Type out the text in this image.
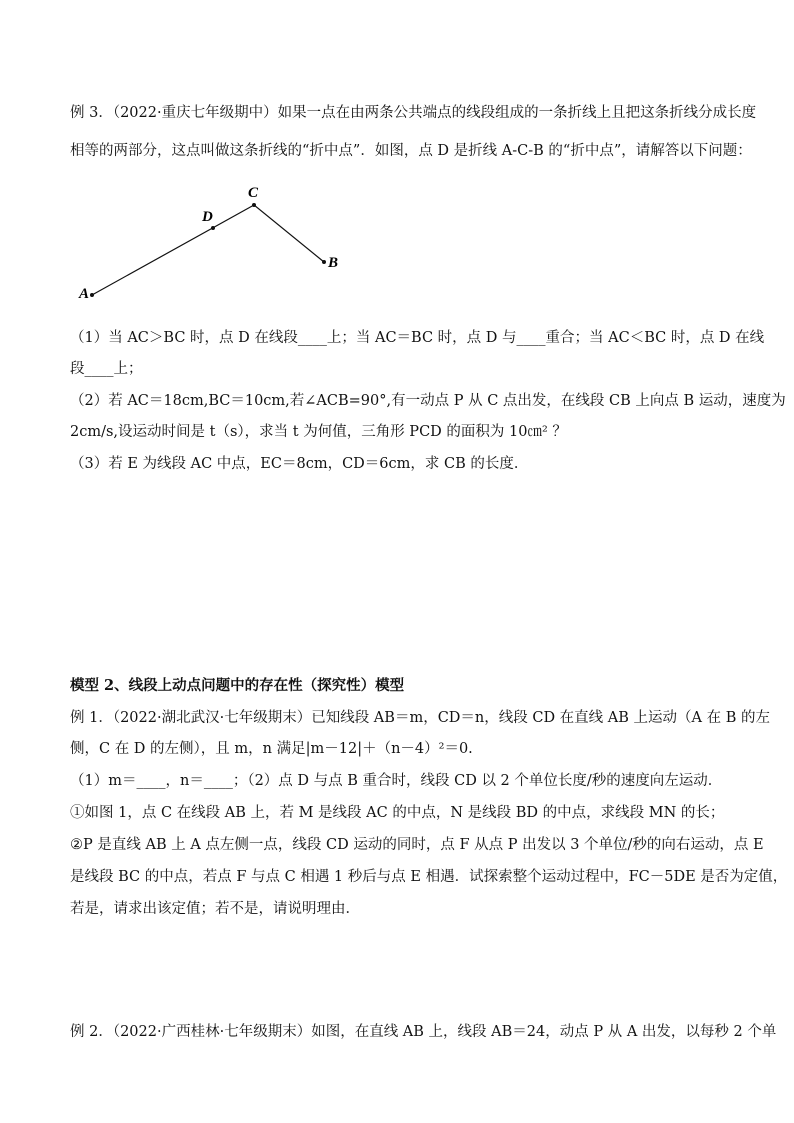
例 3．（2022·重庆七年级期中）如果一点在由两条公共端点的线段组成的一条折线上且把这条折线分成长度
相等的两部分，这点叫做这条折线的“折中点”．如图，点 D 是折线 A-C-B 的“折中点”，请解答以下问题：
A
C
B
D
（1）当 AC＞BC 时，点 D 在线段____上；当 AC＝BC 时，点 D 与____重合；当 AC＜BC 时，点 D 在线
段____上；
（2）若 AC＝18cm,BC＝10cm,若∠ACB=90°,有一动点 P 从 C 点出发，在线段 CB 上向点 B 运动，速度为
2cm/s,设运动时间是 t（s），求当 t 为何值，三角形 PCD 的面积为 10㎝² ？
（3）若 E 为线段 AC 中点，EC＝8cm，CD＝6cm，求 CB 的长度．
模型 2、线段上动点问题中的存在性（探究性）模型
例 1．（2022·湖北武汉·七年级期末）已知线段 AB＝m，CD＝n，线段 CD 在直线 AB 上运动（A 在 B 的左
侧，C 在 D 的左侧），且 m，n 满足|m－12|＋（n－4）²＝0.
（1）m＝____，n＝____；（2）点 D 与点 B 重合时，线段 CD 以 2 个单位长度/秒的速度向左运动．
①如图 1，点 C 在线段 AB 上，若 M 是线段 AC 的中点，N 是线段 BD 的中点，求线段 MN 的长；
②P 是直线 AB 上 A 点左侧一点，线段 CD 运动的同时，点 F 从点 P 出发以 3 个单位/秒的向右运动，点 E
是线段 BC 的中点，若点 F 与点 C 相遇 1 秒后与点 E 相遇．试探索整个运动过程中，FC－5DE 是否为定值，
若是，请求出该定值；若不是，请说明理由．
例 2．（2022·广西桂林·七年级期末）如图，在直线 AB 上，线段 AB＝24，动点 P 从 A 出发，以每秒 2 个单
